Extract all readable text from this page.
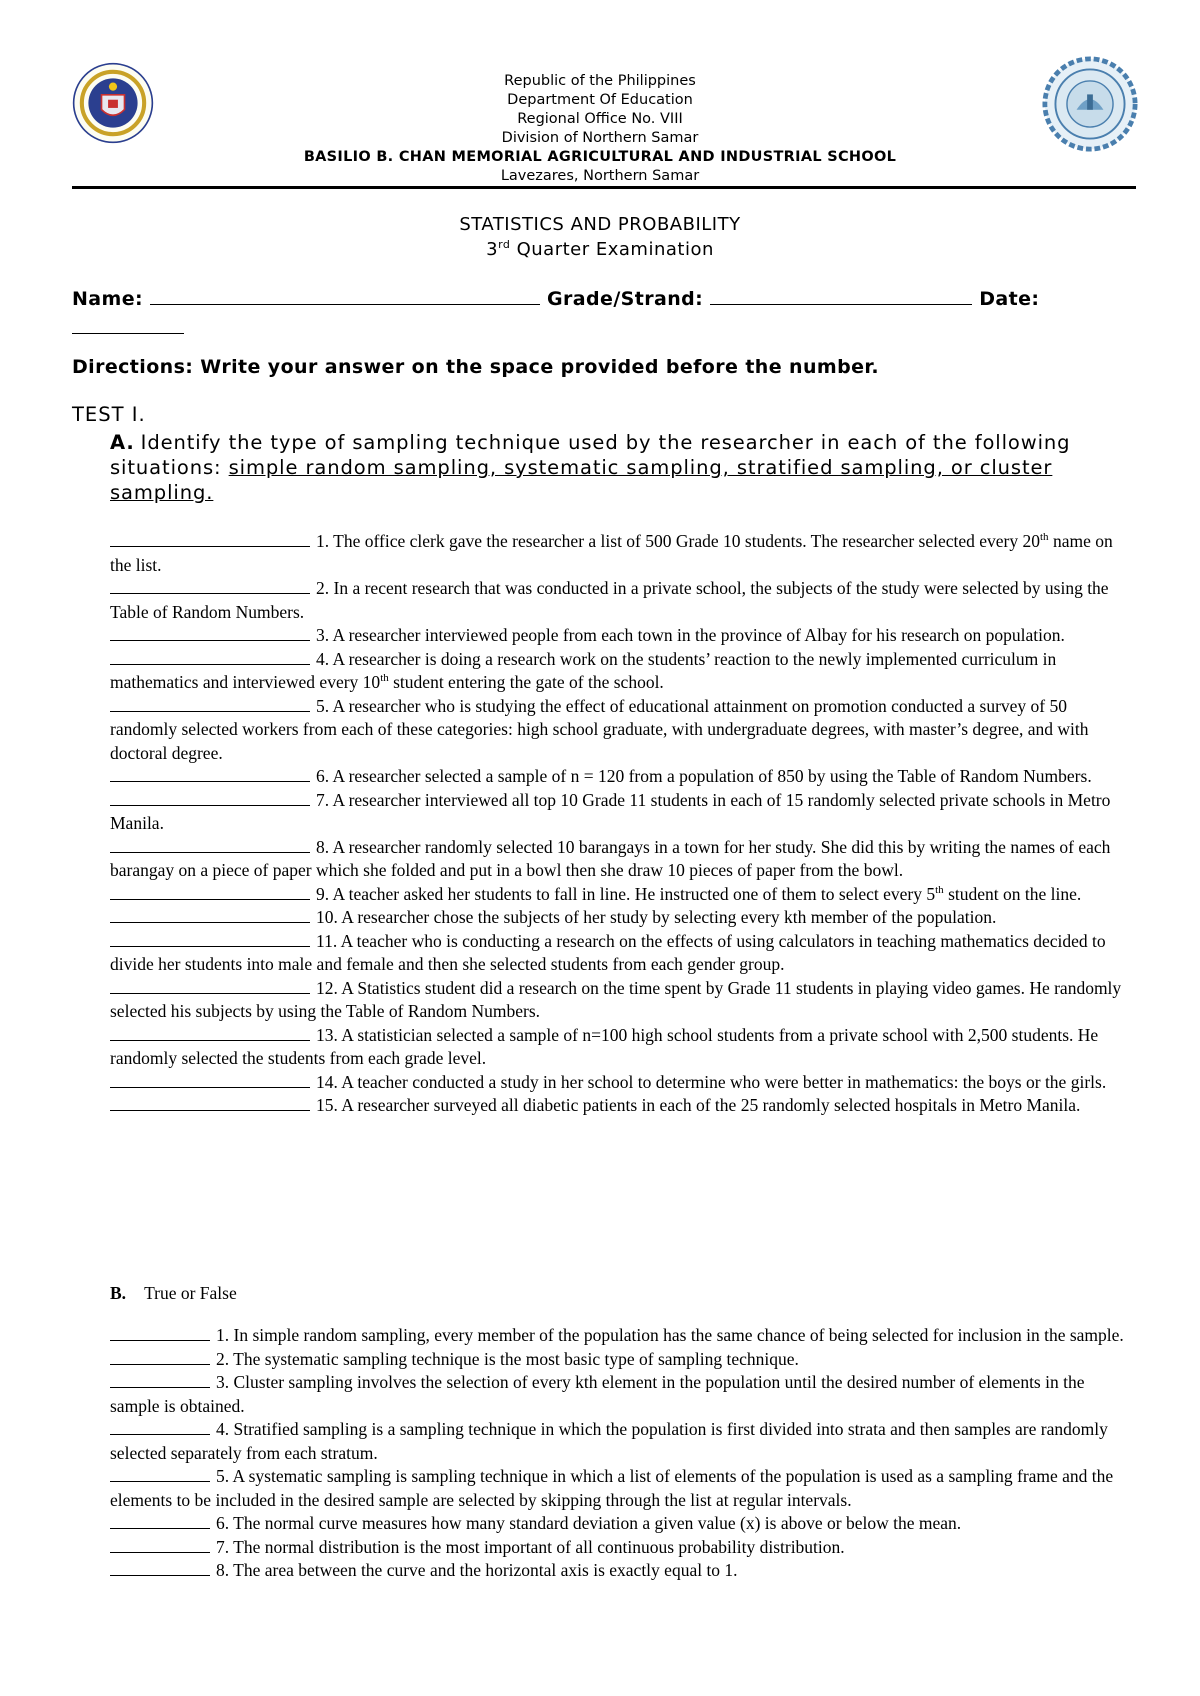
Republic of the Philippines
Department Of Education
Regional Office No. VIII
Division of Northern Samar
BASILIO B. CHAN MEMORIAL AGRICULTURAL AND INDUSTRIAL SCHOOL
Lavezares, Northern Samar
STATISTICS AND PROBABILITY
3rd Quarter Examination
Name:	Grade/Strand:	Date:

Directions: Write your answer on the space provided before the number.
TEST I.
A. Identify the type of sampling technique used by the researcher in each of the following situations: simple random sampling, systematic sampling, stratified sampling, or cluster sampling.

1. The office clerk gave the researcher a list of 500 Grade 10 students. The researcher selected every 20th name on the list.

2. In a recent research that was conducted in a private school, the subjects of the study were selected by using the Table of Random Numbers.

3. A researcher interviewed people from each town in the province of Albay for his research on population.

4. A researcher is doing a research work on the students’ reaction to the newly implemented curriculum in mathematics and interviewed every 10th student entering the gate of the school.

5. A researcher who is studying the effect of educational attainment on promotion conducted a survey of 50 randomly selected workers from each of these categories: high school graduate, with undergraduate degrees, with master’s degree, and with doctoral degree.

6. A researcher selected a sample of n = 120 from a population of 850 by using the Table of Random Numbers.

7. A researcher interviewed all top 10 Grade 11 students in each of 15 randomly selected private schools in Metro Manila.

8. A researcher randomly selected 10 barangays in a town for her study. She did this by writing the names of each barangay on a piece of paper which she folded and put in a bowl then she draw 10 pieces of paper from the bowl.

9. A teacher asked her students to fall in line. He instructed one of them to select every 5th student on the line.

10. A researcher chose the subjects of her study by selecting every kth member of the population.

11. A teacher who is conducting a research on the effects of using calculators in teaching mathematics decided to divide her students into male and female and then she selected students from each gender group.

12. A Statistics student did a research on the time spent by Grade 11 students in playing video games. He randomly selected his subjects by using the Table of Random Numbers.

13. A statistician selected a sample of n=100 high school students from a private school with 2,500 students. He randomly selected the students from each grade level.

14. A teacher conducted a study in her school to determine who were better in mathematics: the boys or the girls.

15. A researcher surveyed all diabetic patients in each of the 25 randomly selected hospitals in Metro Manila.

B. True or False

1. In simple random sampling, every member of the population has the same chance of being selected for inclusion in the sample.

2. The systematic sampling technique is the most basic type of sampling technique.

3. Cluster sampling involves the selection of every kth element in the population until the desired number of elements in the sample is obtained.

4. Stratified sampling is a sampling technique in which the population is first divided into strata and then samples are randomly selected separately from each stratum.

5. A systematic sampling is sampling technique in which a list of elements of the population is used as a sampling frame and the elements to be included in the desired sample are selected by skipping through the list at regular intervals.

6. The normal curve measures how many standard deviation a given value (x) is above or below the mean.

7. The normal distribution is the most important of all continuous probability distribution.

8. The area between the curve and the horizontal axis is exactly equal to 1.
